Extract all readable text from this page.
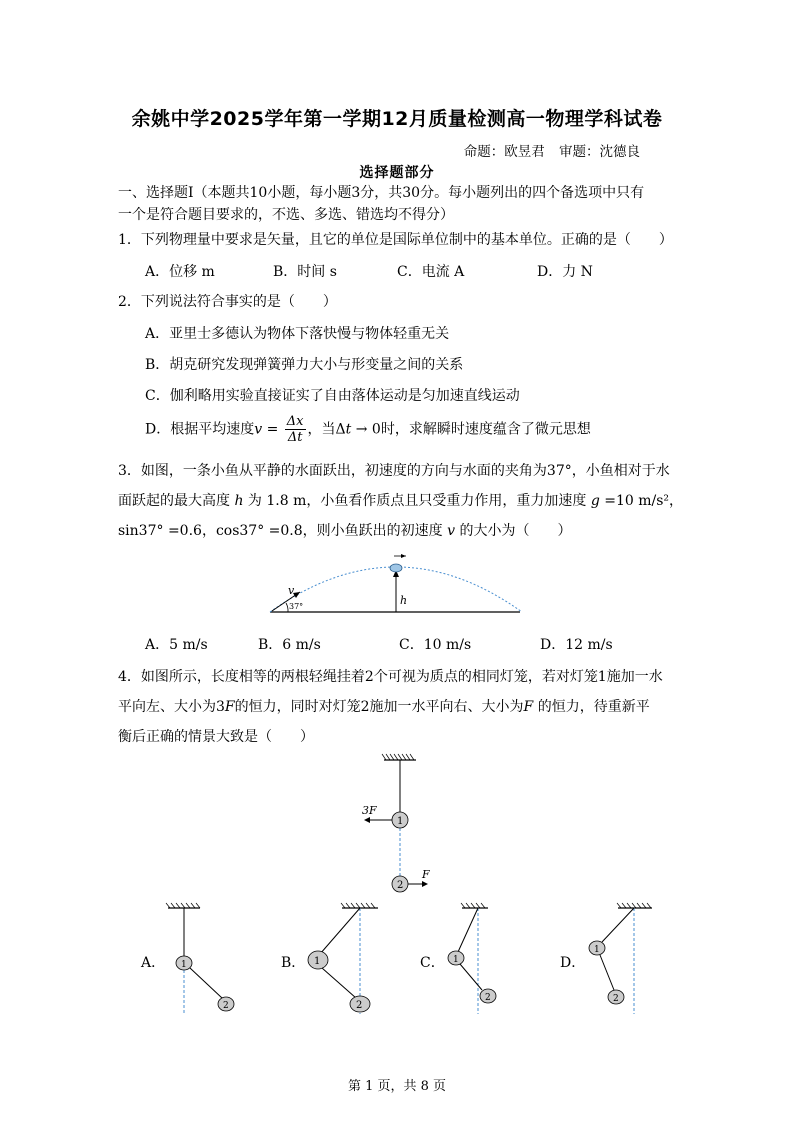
余姚中学2025学年第一学期12月质量检测高一物理学科试卷
命题：欧昱君 审题：沈德良
选择题部分
一、选择题Ⅰ（本题共10小题，每小题3分，共30分。每小题列出的四个备选项中只有
一个是符合题目要求的，不选、多选、错选均不得分）
1．下列物理量中要求是矢量，且它的单位是国际单位制中的基本单位。正确的是（　　）
A．位移 m	B．时间 s	C．电流 A	D．力 N
2．下列说法符合事实的是（　　）
A．亚里士多德认为物体下落快慢与物体轻重无关
B．胡克研究发现弹簧弹力大小与形变量之间的关系
C．伽利略用实验直接证实了自由落体运动是匀加速直线运动
D．根据平均速度$v = \frac{\Delta x}{\Delta t}$ ，当Δt → 0时，求解瞬时速度蕴含了微元思想
3．如图，一条小鱼从平静的水面跃出，初速度的方向与水面的夹角为37°，小鱼相对于水
面跃起的最大高度 h 为 1.8 m，小鱼看作质点且只受重力作用，重力加速度 g =10 m/s²，
sin37° =0.6，cos37° =0.8，则小鱼跃出的初速度 v 的大小为（　　）
h
v
37°
A．5 m/s	B．6 m/s	C．10 m/s	D．12 m/s
4．如图所示，长度相等的两根轻绳挂着2个可视为质点的相同灯笼，若对灯笼1施加一水
平向左、大小为3F的恒力，同时对灯笼2施加一水平向右、大小为F 的恒力，待重新平
衡后正确的情景大致是（　　）
1
3F
2
F
A． 1
2
B． 1
2
C． 1
2
D．
1
2
第 1 页，共 8 页
